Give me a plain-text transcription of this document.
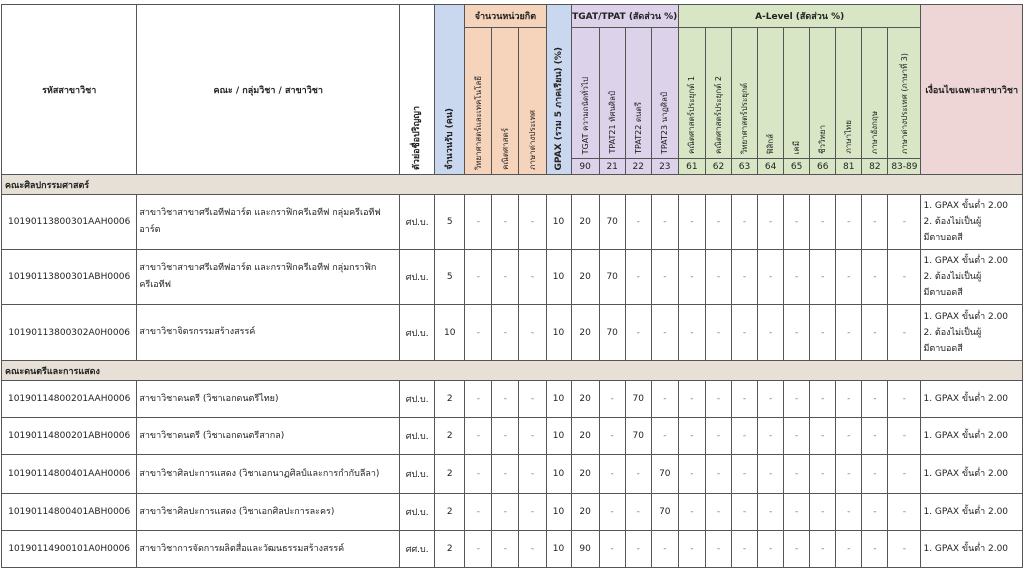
รหัสสาขาวิชา	คณะ / กลุ่มวิชา / สาขาวิชา	ตัวย่อชื่อปริญญา	จำนวนรับ (คน)	จำนวนหน่วยกิต			GPAX (รวม 5 ภาคเรียน) (%)	TGAT/TPAT (สัดส่วน %)				A-Level (สัดส่วน %)									เงื่อนไขเฉพาะสาขาวิชา

				วิทยาศาสตร์และเทคโนโลยี	คณิตศาสตร์	ภาษาต่างประเทศ		TGAT ความถนัดทั่วไป	TPAT21 ทัศนศิลป์	TPAT22 ดนตรี	TPAT23 นาฏศิลป์	คณิตศาสตร์ประยุกต์ 1	คณิตศาสตร์ประยุกต์ 2	วิทยาศาสตร์ประยุกต์	ฟิสิกส์	เคมี	ชีววิทยา	ภาษาไทย	ภาษาอังกฤษ	ภาษาต่างประเทศ (ภาษาที่ 3)	

								90	21	22	23	61	62	63	64	65	66	81	82	83-89	
คณะศิลปกรรมศาสตร์																					
10190113800301AAH0006	สาขาวิชาสาขาศรีเอทีฟอาร์ต และกราฟิกครีเอทีฟ กลุ่มครีเอทีฟอาร์ต	ศป.บ.	5	-	-	-	10	20	70	-	-	-	-	-	-	-	-	-	-	-	1. GPAX ขั้นต่ำ 2.00
2. ต้องไม่เป็นผู้
มีตาบอดสี

10190113800301ABH0006	สาขาวิชาสาขาศรีเอทีฟอาร์ต และกราฟิกครีเอทีฟ กลุ่มกราฟิกครีเอทีฟ	ศป.บ.	5	-	-	-	10	20	70	-	-	-	-	-	-	-	-	-	-	-	1. GPAX ขั้นต่ำ 2.00
2. ต้องไม่เป็นผู้
มีตาบอดสี

10190113800302A0H0006	สาขาวิชาจิตรกรรมสร้างสรรค์	ศป.บ.	10	-	-	-	10	20	70	-	-	-	-	-	-	-	-	-	-	-	1. GPAX ขั้นต่ำ 2.00
2. ต้องไม่เป็นผู้
มีตาบอดสี

คณะดนตรีและการแสดง																					
10190114800201AAH0006	สาขาวิชาดนตรี (วิชาเอกดนตรีไทย)	ศป.บ.	2	-	-	-	10	20	-	70	-	-	-	-	-	-	-	-	-	-	1. GPAX ขั้นต่ำ 2.00

10190114800201ABH0006	สาขาวิชาดนตรี (วิชาเอกดนตรีสากล)	ศป.บ.	2	-	-	-	10	20	-	70	-	-	-	-	-	-	-	-	-	-	1. GPAX ขั้นต่ำ 2.00

10190114800401AAH0006	สาขาวิชาศิลปะการแสดง (วิชาเอกนาฏศิลป์และการกำกับลีลา)	ศป.บ.	2	-	-	-	10	20	-	-	70	-	-	-	-	-	-	-	-	-	1. GPAX ขั้นต่ำ 2.00

10190114800401ABH0006	สาขาวิชาศิลปะการแสดง (วิชาเอกศิลปะการละคร)	ศป.บ.	2	-	-	-	10	20	-	-	70	-	-	-	-	-	-	-	-	-	1. GPAX ขั้นต่ำ 2.00

10190114900101A0H0006	สาขาวิชาการจัดการผลิตสื่อและวัฒนธรรมสร้างสรรค์	ศศ.บ.	2	-	-	-	10	90	-	-	-	-	-	-	-	-	-	-	-	-	1. GPAX ขั้นต่ำ 2.00
